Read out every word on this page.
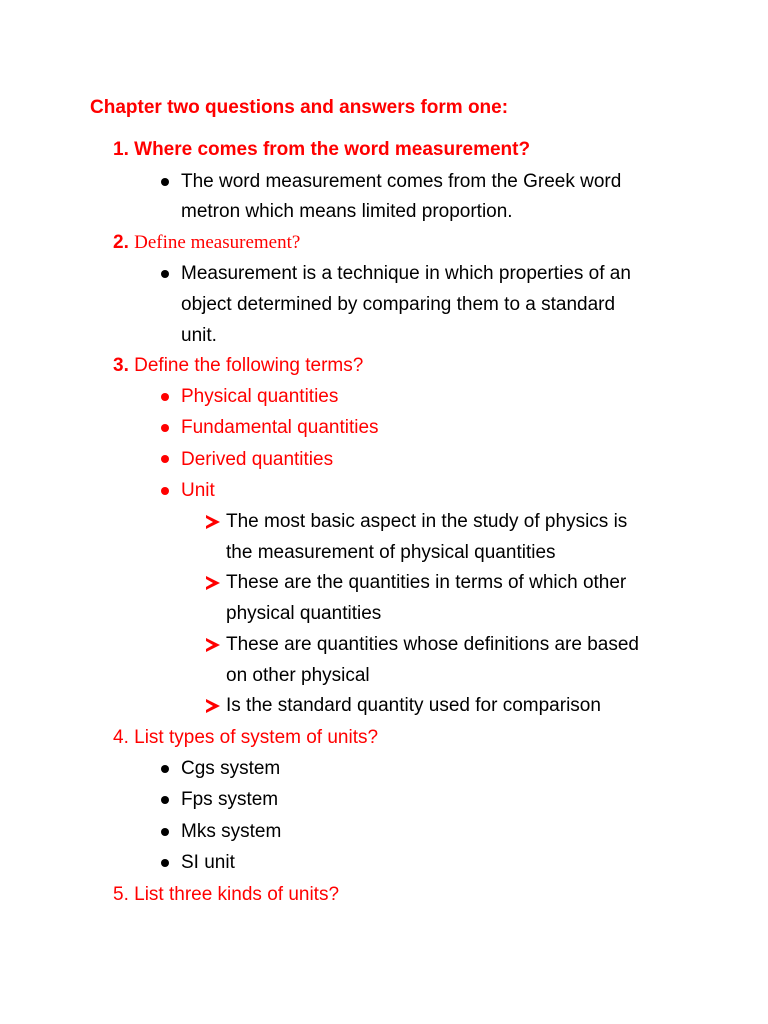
Chapter two questions and answers form one:
1. Where comes from the word measurement?
The word measurement comes from the Greek word
metron which means limited proportion.
2. Define measurement?
Measurement is a technique in which properties of an
object determined by comparing them to a standard
unit.
3. Define the following terms?
Physical quantities
Fundamental quantities
Derived quantities
Unit
The most basic aspect in the study of physics is
the measurement of physical quantities
These are the quantities in terms of which other
physical quantities
These are quantities whose definitions are based
on other physical
Is the standard quantity used for comparison
4. List types of system of units?
Cgs system
Fps system
Mks system
SI unit
5. List three kinds of units?
